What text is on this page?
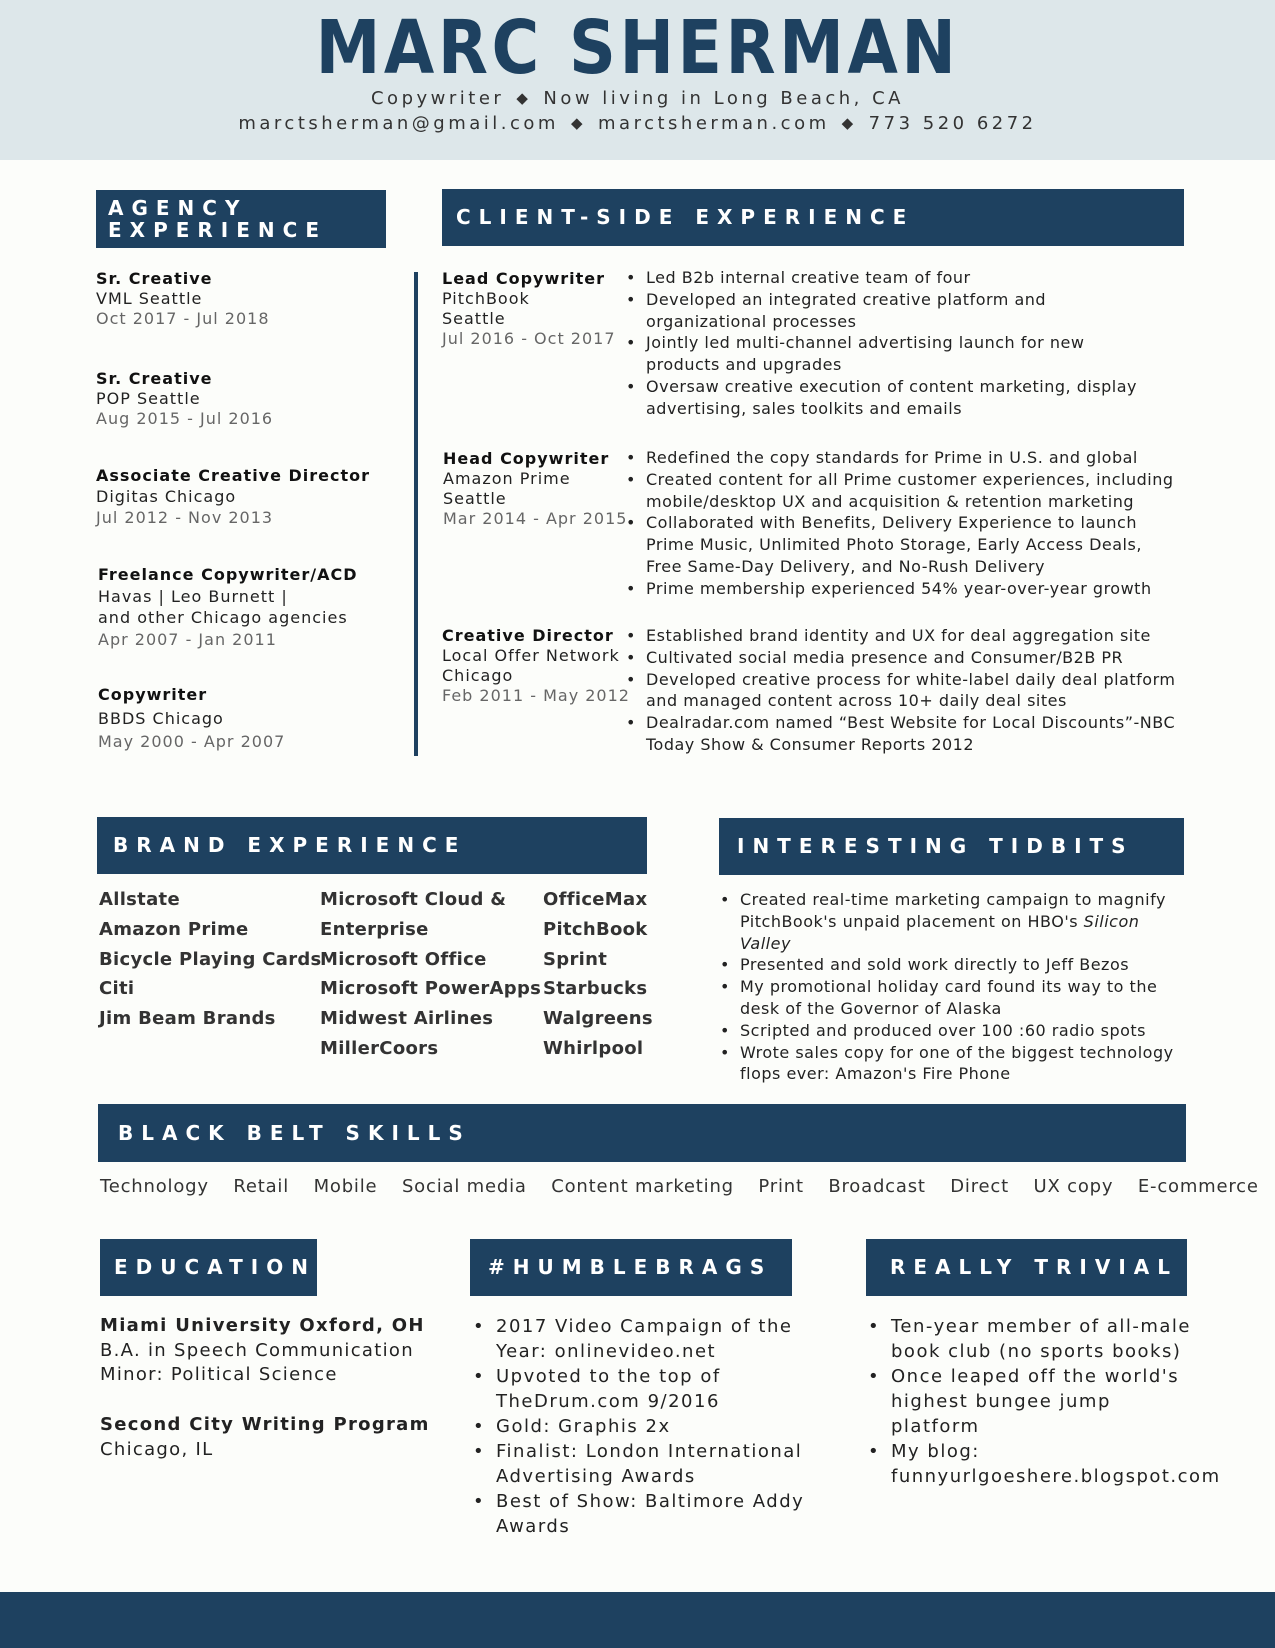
MARC SHERMAN
Copywriter ◆ Now living in Long Beach, CA
marctsherman@gmail.com ◆ marctsherman.com ◆ 773 520 6272
AGENCY
EXPERIENCE
Sr. Creative
VML Seattle
Oct 2017 - Jul 2018
Sr. Creative
POP Seattle
Aug 2015 - Jul 2016
Associate Creative Director
Digitas Chicago
Jul 2012 - Nov 2013
Freelance Copywriter/ACD
Havas | Leo Burnett |
and other Chicago agencies
Apr 2007 - Jan 2011
Copywriter
BBDS Chicago
May 2000 - Apr 2007
CLIENT-SIDE EXPERIENCE
Lead Copywriter
PitchBook
Seattle
Jul 2016 - Oct 2017
• Led B2b internal creative team of four
• Developed an integrated creative platform and organizational processes
• Jointly led multi-channel advertising launch for new products and upgrades
• Oversaw creative execution of content marketing, display advertising, sales toolkits and emails
Head Copywriter
Amazon Prime
Seattle
Mar 2014 - Apr 2015
• Redefined the copy standards for Prime in U.S. and global
• Created content for all Prime customer experiences, including mobile/desktop UX and acquisition & retention marketing
• Collaborated with Benefits, Delivery Experience to launch Prime Music, Unlimited Photo Storage, Early Access Deals, Free Same-Day Delivery, and No-Rush Delivery
• Prime membership experienced 54% year-over-year growth
Creative Director
Local Offer Network
Chicago
Feb 2011 - May 2012
• Established brand identity and UX for deal aggregation site
• Cultivated social media presence and Consumer/B2B PR
• Developed creative process for white-label daily deal platform and managed content across 10+ daily deal sites
• Dealradar.com named “Best Website for Local Discounts”-NBC Today Show & Consumer Reports 2012
BRAND EXPERIENCE
Allstate
Amazon Prime
Bicycle Playing Cards
Citi
Jim Beam Brands
Microsoft Cloud &
Enterprise
Microsoft Office
Microsoft PowerApps
Midwest Airlines
MillerCoors
OfficeMax
PitchBook
Sprint
Starbucks
Walgreens
Whirlpool
INTERESTING TIDBITS
• Created real-time marketing campaign to magnify PitchBook's unpaid placement on HBO's Silicon Valley
• Presented and sold work directly to Jeff Bezos
• My promotional holiday card found its way to the desk of the Governor of Alaska
• Scripted and produced over 100 :60 radio spots
• Wrote sales copy for one of the biggest technology flops ever: Amazon's Fire Phone
BLACK BELT SKILLS
Technology Retail Mobile Social media Content marketing Print Broadcast Direct UX copy E-commerce
EDUCATION
Miami University Oxford, OH
B.A. in Speech Communication
Minor: Political Science
Second City Writing Program
Chicago, IL
#HUMBLEBRAGS
• 2017 Video Campaign of the Year: onlinevideo.net
• Upvoted to the top of TheDrum.com 9/2016
• Gold: Graphis 2x
• Finalist: London International Advertising Awards
• Best of Show: Baltimore Addy Awards
REALLY TRIVIAL
• Ten-year member of all-male book club (no sports books)
• Once leaped off the world's highest bungee jump platform
• My blog: funnyurlgoeshere.blogspot.com
